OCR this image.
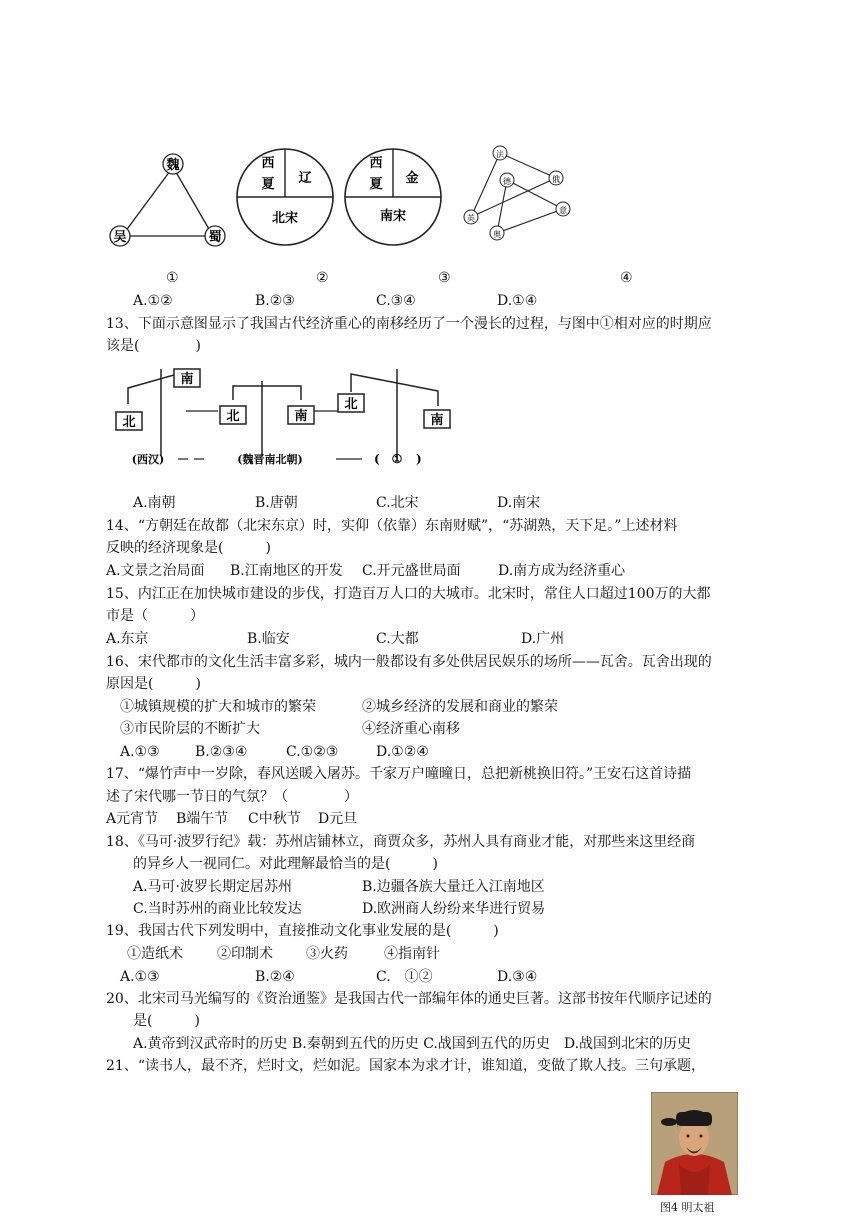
魏
吴	蜀
西
夏 辽
北宋
西
夏 金
南宋
法
德	俄
意
英
奥
①	②	③	④
A.①②	B.②③	C.③④	D.①④
13、下面示意图显示了我国古代经济重心的南移经历了一个漫长的过程，与图中①相对应的时期应
该是(　　　　)
北
南
北	南
北
南
(西汉)	(魏晋南北朝)	①
(	)
A.南朝	B.唐朝	C.北宋	D.南宋
14、“方朝廷在故都（北宋东京）时，实仰（依靠）东南财赋”，“苏湖熟，天下足。”上述材料
反映的经济现象是(　　　)
A.文景之治局面 B.江南地区的开发 C.开元盛世局面	D.南方成为经济重心
15、内江正在加快城市建设的步伐，打造百万人口的大城市。北宋时，常住人口超过100万的大都
市是（　　　）
A.东京	B.临安	C.大都	D.广州
16、宋代都市的文化生活丰富多彩，城内一般都设有多处供居民娱乐的场所——瓦舍。瓦舍出现的
原因是(　　　)
①城镇规模的扩大和城市的繁荣	②城乡经济的发展和商业的繁荣
③市民阶层的不断扩大	④经济重心南移
A.①③	B.②③④	C.①②③	D.①②④
17、“爆竹声中一岁除，春风送暖入屠苏。千家万户曈曈日，总把新桃换旧符。”王安石这首诗描
述了宋代哪一节日的气氛？（　　　　）
A元宵节 B端午节 C中秋节 D元旦
18、《马可·波罗行纪》载：苏州店铺林立，商贾众多，苏州人具有商业才能，对那些来这里经商
的异乡人一视同仁。对此理解最恰当的是(　　　)
A.马可·波罗长期定居苏州	B.边疆各族大量迁入江南地区
C.当时苏州的商业比较发达	D.欧洲商人纷纷来华进行贸易
19、我国古代下列发明中，直接推动文化事业发展的是(　　　)
①造纸术 ②印制术 ③火药	④指南针
A.①③	B.②④	C.　①②	D.③④
20、北宋司马光编写的《资治通鉴》是我国古代一部编年体的通史巨著。这部书按年代顺序记述的
是(　　　)
A.黄帝到汉武帝时的历史 B.秦朝到五代的历史 C.战国到五代的历史　D.战国到北宋的历史
21、“读书人，最不齐，烂时文，烂如泥。国家本为求才计，谁知道，变做了欺人技。三句承题，
图4 明太祖
